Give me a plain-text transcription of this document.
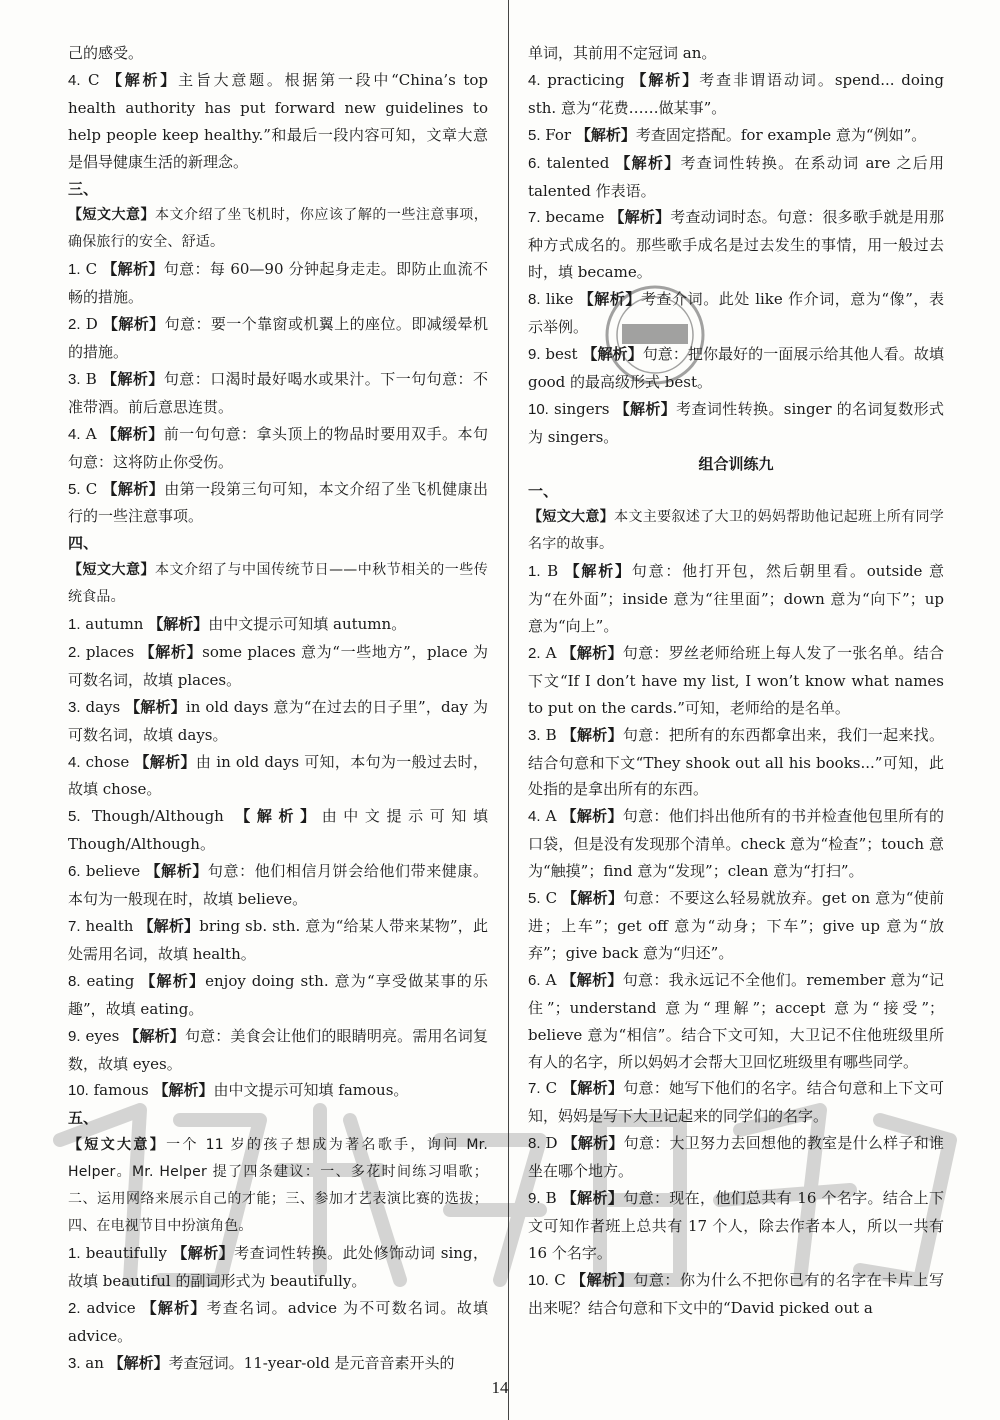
己的感受。

4. C 【解析】主旨大意题。根据第一段中“China’s top health authority has put forward new guidelines to help people keep healthy.”和最后一段内容可知，文章大意是倡导健康生活的新理念。

三、

【短文大意】本文介绍了坐飞机时，你应该了解的一些注意事项，确保旅行的安全、舒适。

1. C 【解析】句意：每 60—90 分钟起身走走。即防止血流不畅的措施。

2. D 【解析】句意：要一个靠窗或机翼上的座位。即减缓晕机的措施。

3. B 【解析】句意：口渴时最好喝水或果汁。下一句句意：不准带酒。前后意思连贯。

4. A 【解析】前一句句意：拿头顶上的物品时要用双手。本句句意：这将防止你受伤。

5. C 【解析】由第一段第三句可知，本文介绍了坐飞机健康出行的一些注意事项。

四、

【短文大意】本文介绍了与中国传统节日——中秋节相关的一些传统食品。

1. autumn 【解析】由中文提示可知填 autumn。

2. places 【解析】some places 意为“一些地方”，place 为可数名词，故填 places。

3. days 【解析】in old days 意为“在过去的日子里”，day 为可数名词，故填 days。

4. chose 【解析】由 in old days 可知，本句为一般过去时，故填 chose。

5. Though/Although 【解析】由中文提示可知填 Though/Although。

6. believe 【解析】句意：他们相信月饼会给他们带来健康。本句为一般现在时，故填 believe。

7. health 【解析】bring sb. sth. 意为“给某人带来某物”，此处需用名词，故填 health。

8. eating 【解析】enjoy doing sth. 意为“享受做某事的乐趣”，故填 eating。

9. eyes 【解析】句意：美食会让他们的眼睛明亮。需用名词复数，故填 eyes。

10. famous 【解析】由中文提示可知填 famous。

五、

【短文大意】一个 11 岁的孩子想成为著名歌手，询问 Mr. Helper。Mr. Helper 提了四条建议：一、多花时间练习唱歌；二、运用网络来展示自己的才能；三、参加才艺表演比赛的选拔；四、在电视节目中扮演角色。

1. beautifully 【解析】考查词性转换。此处修饰动词 sing，故填 beautiful 的副词形式为 beautifully。

2. advice 【解析】考查名词。advice 为不可数名词。故填 advice。

3. an 【解析】考查冠词。11-year-old 是元音音素开头的

单词，其前用不定冠词 an。

4. practicing 【解析】考查非谓语动词。spend... doing sth. 意为“花费……做某事”。

5. For 【解析】考查固定搭配。for example 意为“例如”。

6. talented 【解析】考查词性转换。在系动词 are 之后用 talented 作表语。

7. became 【解析】考查动词时态。句意：很多歌手就是用那种方式成名的。那些歌手成名是过去发生的事情，用一般过去时，填 became。

8. like 【解析】考查介词。此处 like 作介词，意为“像”，表示举例。

9. best 【解析】句意：把你最好的一面展示给其他人看。故填 good 的最高级形式 best。

10. singers 【解析】考查词性转换。singer 的名词复数形式为 singers。

组合训练九

一、

【短文大意】本文主要叙述了大卫的妈妈帮助他记起班上所有同学名字的故事。

1. B 【解析】句意：他打开包，然后朝里看。outside 意为“在外面”；inside 意为“往里面”；down 意为“向下”；up 意为“向上”。

2. A 【解析】句意：罗丝老师给班上每人发了一张名单。结合下文“If I don’t have my list, I won’t know what names to put on the cards.”可知，老师给的是名单。

3. B 【解析】句意：把所有的东西都拿出来，我们一起来找。结合句意和下文“They shook out all his books...”可知，此处指的是拿出所有的东西。

4. A 【解析】句意：他们抖出他所有的书并检查他包里所有的口袋，但是没有发现那个清单。check 意为“检查”；touch 意为“触摸”；find 意为“发现”；clean 意为“打扫”。

5. C 【解析】句意：不要这么轻易就放弃。get on 意为“使前进；上车”；get off 意为“动身；下车”；give up 意为“放弃”；give back 意为“归还”。

6. A 【解析】句意：我永远记不全他们。remember 意为“记住”；understand 意为“理解”；accept 意为“接受”；believe 意为“相信”。结合下文可知，大卫记不住他班级里所有人的名字，所以妈妈才会帮大卫回忆班级里有哪些同学。

7. C 【解析】句意：她写下他们的名字。结合句意和上下文可知，妈妈是写下大卫记起来的同学们的名字。

8. D 【解析】句意：大卫努力去回想他的教室是什么样子和谁坐在哪个地方。

9. B 【解析】句意：现在，他们总共有 16 个名字。结合上下文可知作者班上总共有 17 个人，除去作者本人，所以一共有 16 个名字。

10. C 【解析】句意：你为什么不把你已有的名字在卡片上写出来呢？结合句意和下文中的“David picked out a

14
